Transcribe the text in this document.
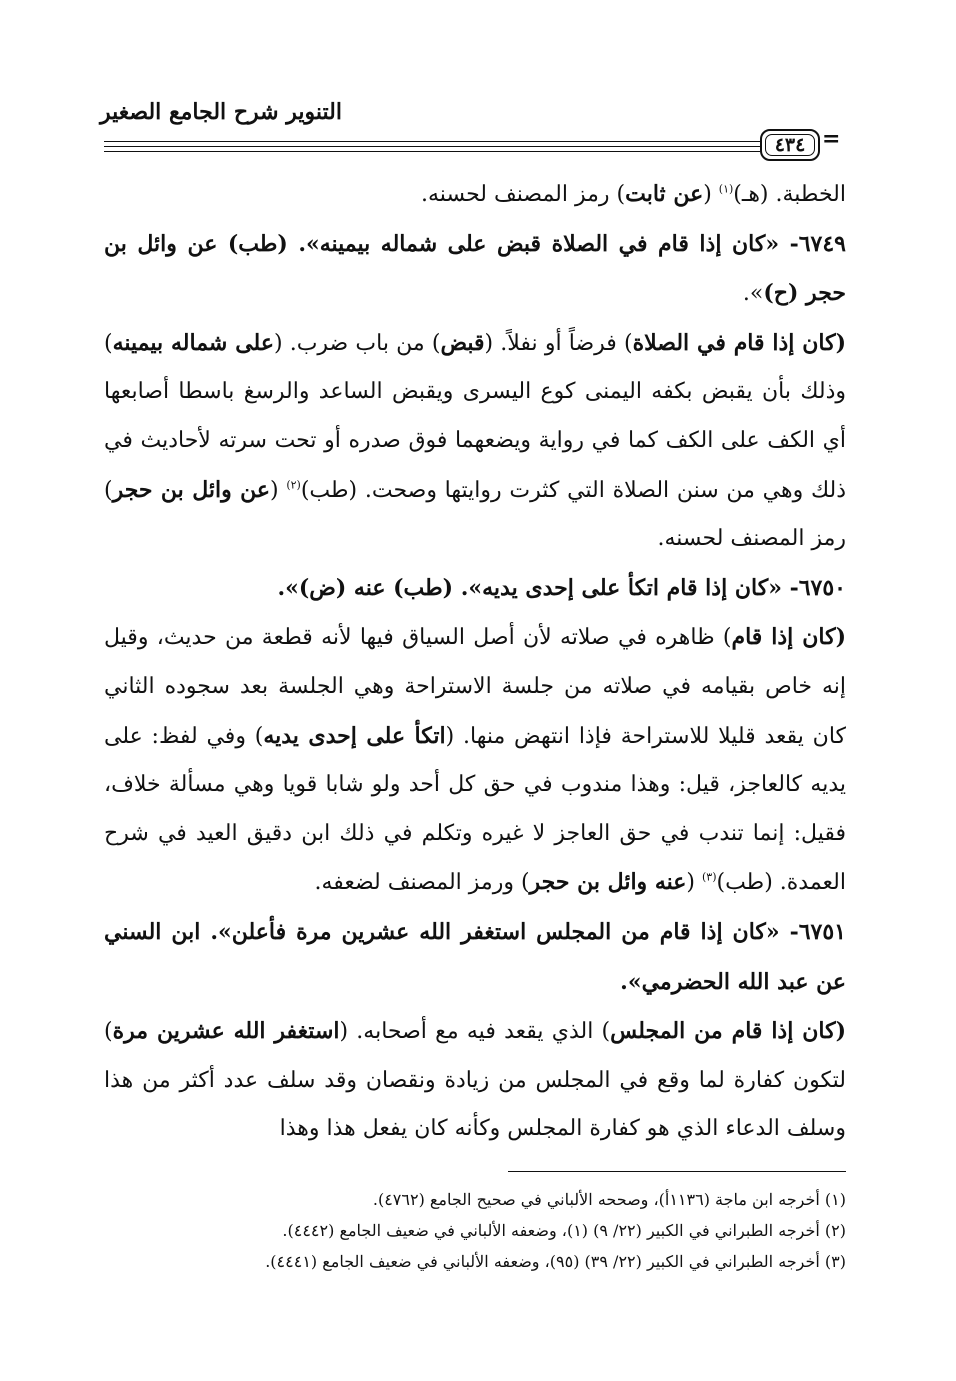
التنوير شرح الجامع الصغير
٤٣٤ =

الخطبة. (هـ)$^{(١)}$ (عن ثابت) رمز المصنف لحسنه.

٦٧٤٩- «كان إذا قام في الصلاة قبض على شماله بيمينه». (طب) عن وائل بن حجر (ح)».

(كان إذا قام في الصلاة) فرضاً أو نفلاً. (قبض) من باب ضرب. (على شماله بيمينه) وذلك بأن يقبض بكفه اليمنى كوع اليسرى ويقبض الساعد والرسغ باسطا أصابعها أي الكف على الكف كما في رواية ويضعهما فوق صدره أو تحت سرته لأحاديث في ذلك وهي من سنن الصلاة التي كثرت روايتها وصحت. (طب)$^{(٢)}$ (عن وائل بن حجر) رمز المصنف لحسنه.

٦٧٥٠- «كان إذا قام اتكأ على إحدى يديه». (طب) عنه (ض)».

(كان إذا قام) ظاهره في صلاته لأن أصل السياق فيها لأنه قطعة من حديث، وقيل إنه خاص بقيامه في صلاته من جلسة الاستراحة وهي الجلسة بعد سجوده الثاني كان يقعد قليلا للاستراحة فإذا انتهض منها. (اتكأ على إحدى يديه) وفي لفظ: على يديه كالعاجز، قيل: وهذا مندوب في حق كل أحد ولو شابا قويا وهي مسألة خلاف، فقيل: إنما تندب في حق العاجز لا غيره وتكلم في ذلك ابن دقيق العيد في شرح العمدة. (طب)$^{(٣)}$ (عنه وائل بن حجر) ورمز المصنف لضعفه.

٦٧٥١- «كان إذا قام من المجلس استغفر الله عشرين مرة فأعلن». ابن السني عن عبد الله الحضرمي».

(كان إذا قام من المجلس) الذي يقعد فيه مع أصحابه. (استغفر الله عشرين مرة) لتكون كفارة لما وقع في المجلس من زيادة ونقصان وقد سلف عدد أكثر من هذا وسلف الدعاء الذي هو كفارة المجلس وكأنه كان يفعل هذا وهذا

(١) أخرجه ابن ماجة (١١٣٦أ)، وصححه الألباني في صحيح الجامع (٤٧٦٢).

(٢) أخرجه الطبراني في الكبير (٢٢/ ٩) (١)، وضعفه الألباني في ضعيف الجامع (٤٤٤٢).

(٣) أخرجه الطبراني في الكبير (٢٢/ ٣٩) (٩٥)، وضعفه الألباني في ضعيف الجامع (٤٤٤١).
